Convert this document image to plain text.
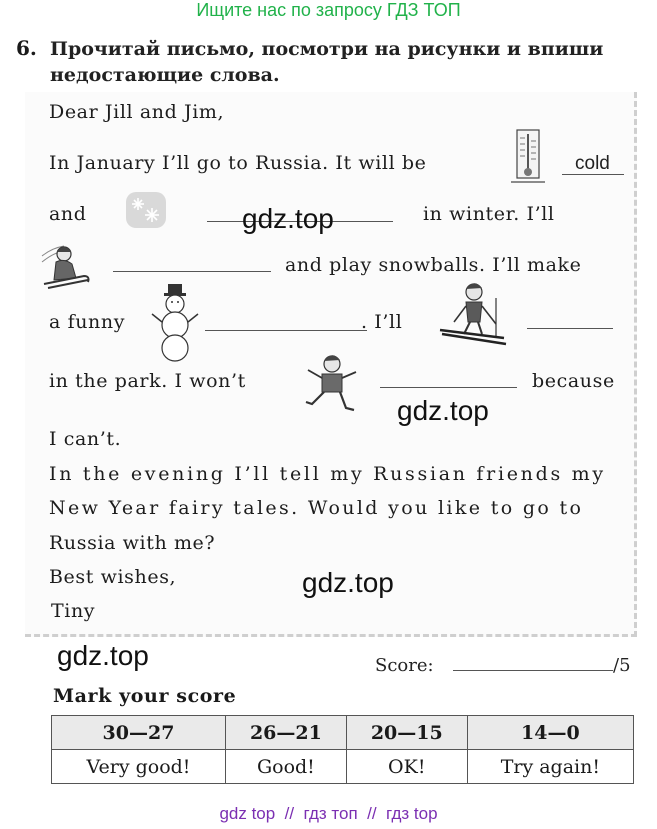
Ищите нас по запросу ГДЗ ТОП
6. Прочитай письмо, посмотри на рисунки и впиши недостающие слова.
Dear Jill and Jim,
In January I’ll go to Russia. It will be	cold
and	gdz.top	in winter. I’ll
and play snowballs. I’ll make
a funny	. I’ll
in the park. I won’t	because
gdz.top
I can’t.
In the evening I’ll tell my Russian friends my
New Year fairy tales. Would you like to go to
Russia with me?
Best wishes,	gdz.top
Tiny
gdz.top	Score:	/5
Mark your score
30—27	26—21	20—15	14—0
Very good!	Good!	OK!	Try again!
gdz top  //  гдз топ  //  гдз top
